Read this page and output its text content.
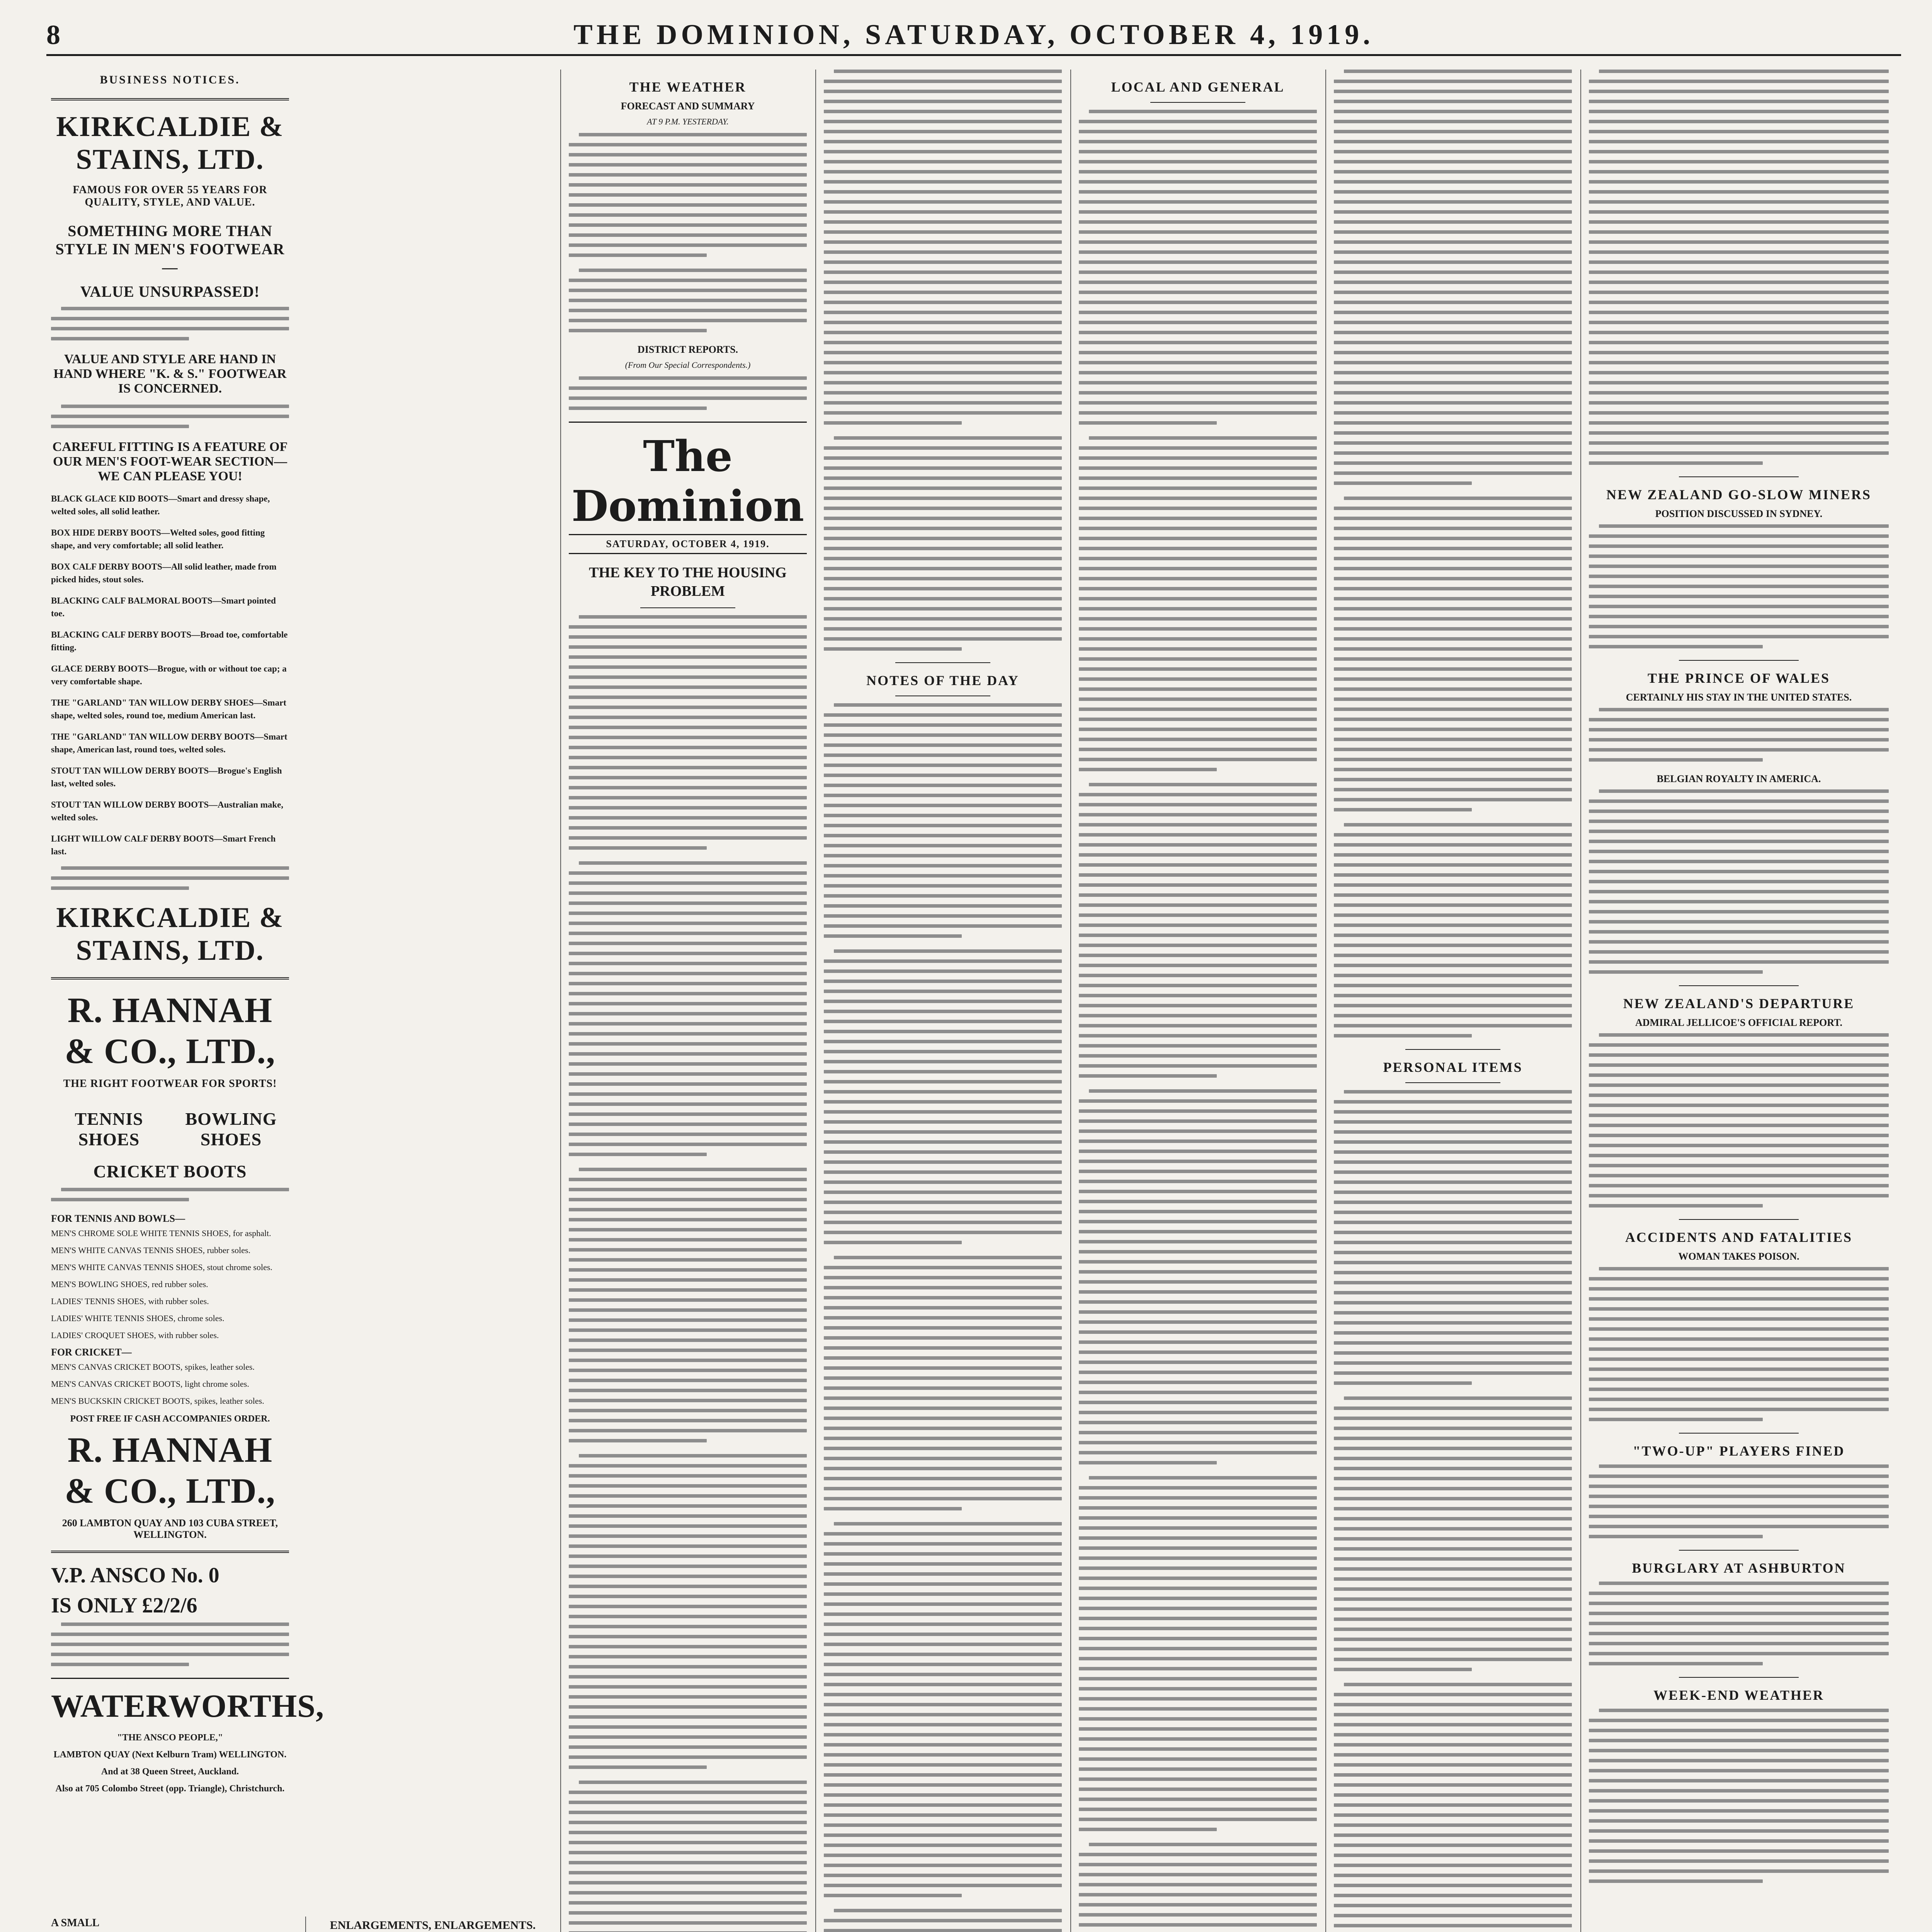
8	THE DOMINION, SATURDAY, OCTOBER 4, 1919.
BUSINESS NOTICES.
KIRKCALDIE & STAINS, LTD.
FAMOUS FOR OVER 55 YEARS FOR QUALITY, STYLE, AND VALUE.
SOMETHING MORE THAN STYLE IN MEN'S FOOTWEAR—
VALUE UNSURPASSED!
VALUE AND STYLE ARE HAND IN HAND WHERE "K. & S." FOOTWEAR IS CONCERNED.
CAREFUL FITTING IS A FEATURE OF OUR MEN'S FOOT-WEAR SECTION—WE CAN PLEASE YOU!
BLACK GLACE KID BOOTS—Smart and dressy shape, welted soles, all solid leather.
BOX HIDE DERBY BOOTS—Welted soles, good fitting shape, and very comfortable; all solid leather.
BOX CALF DERBY BOOTS—All solid leather, made from picked hides, stout soles.
BLACKING CALF BALMORAL BOOTS—Smart pointed toe.
BLACKING CALF DERBY BOOTS—Broad toe, comfortable fitting.
GLACE DERBY BOOTS—Brogue, with or without toe cap; a very comfortable shape.
THE "GARLAND" TAN WILLOW DERBY SHOES—Smart shape, welted soles, round toe, medium American last.
THE "GARLAND" TAN WILLOW DERBY BOOTS—Smart shape, American last, round toes, welted soles.
STOUT TAN WILLOW DERBY BOOTS—Brogue's English last, welted soles.
STOUT TAN WILLOW DERBY BOOTS—Australian make, welted soles.
LIGHT WILLOW CALF DERBY BOOTS—Smart French last.
KIRKCALDIE & STAINS, LTD.
R. HANNAH & CO., LTD.,
THE RIGHT FOOTWEAR FOR SPORTS!
TENNIS SHOES
BOWLING SHOES
CRICKET BOOTS
FOR TENNIS AND BOWLS—
MEN'S CHROME SOLE WHITE TENNIS SHOES, for asphalt.
MEN'S WHITE CANVAS TENNIS SHOES, rubber soles.
MEN'S WHITE CANVAS TENNIS SHOES, stout chrome soles.
MEN'S BOWLING SHOES, red rubber soles.
LADIES' TENNIS SHOES, with rubber soles.
LADIES' WHITE TENNIS SHOES, chrome soles.
LADIES' CROQUET SHOES, with rubber soles.
FOR CRICKET—
MEN'S CANVAS CRICKET BOOTS, spikes, leather soles.
MEN'S CANVAS CRICKET BOOTS, light chrome soles.
MEN'S BUCKSKIN CRICKET BOOTS, spikes, leather soles.
POST FREE IF CASH ACCOMPANIES ORDER.
R. HANNAH & CO., LTD.,
260 LAMBTON QUAY AND 103 CUBA STREET, WELLINGTON.
V.P. ANSCO No. 0
IS ONLY £2/2/6
WATERWORTHS,
"THE ANSCO PEOPLE,"
LAMBTON QUAY (Next Kelburn Tram) WELLINGTON.
And at 38 Queen Street, Auckland.
Also at 705 Colombo Street (opp. Triangle), Christchurch.
A SMALL	ENLARGEMENTS, ENLARGEMENTS.
THE WEATHER
FORECAST AND SUMMARY
AT 9 P.M. YESTERDAY.
DISTRICT REPORTS.
(From Our Special Correspondents.)
The Dominion
SATURDAY, OCTOBER 4, 1919.
THE KEY TO THE HOUSING PROBLEM
NOTES OF THE DAY
LOCAL AND GENERAL
PERSONAL ITEMS
NEW ZEALAND GO-SLOW MINERS
POSITION DISCUSSED IN SYDNEY.
THE PRINCE OF WALES
CERTAINLY HIS STAY IN THE UNITED STATES.
BELGIAN ROYALTY IN AMERICA.
NEW ZEALAND'S DEPARTURE
ADMIRAL JELLICOE'S OFFICIAL REPORT.
ACCIDENTS AND FATALITIES
WOMAN TAKES POISON.
"TWO-UP" PLAYERS FINED
BURGLARY AT ASHBURTON
WEEK-END WEATHER
